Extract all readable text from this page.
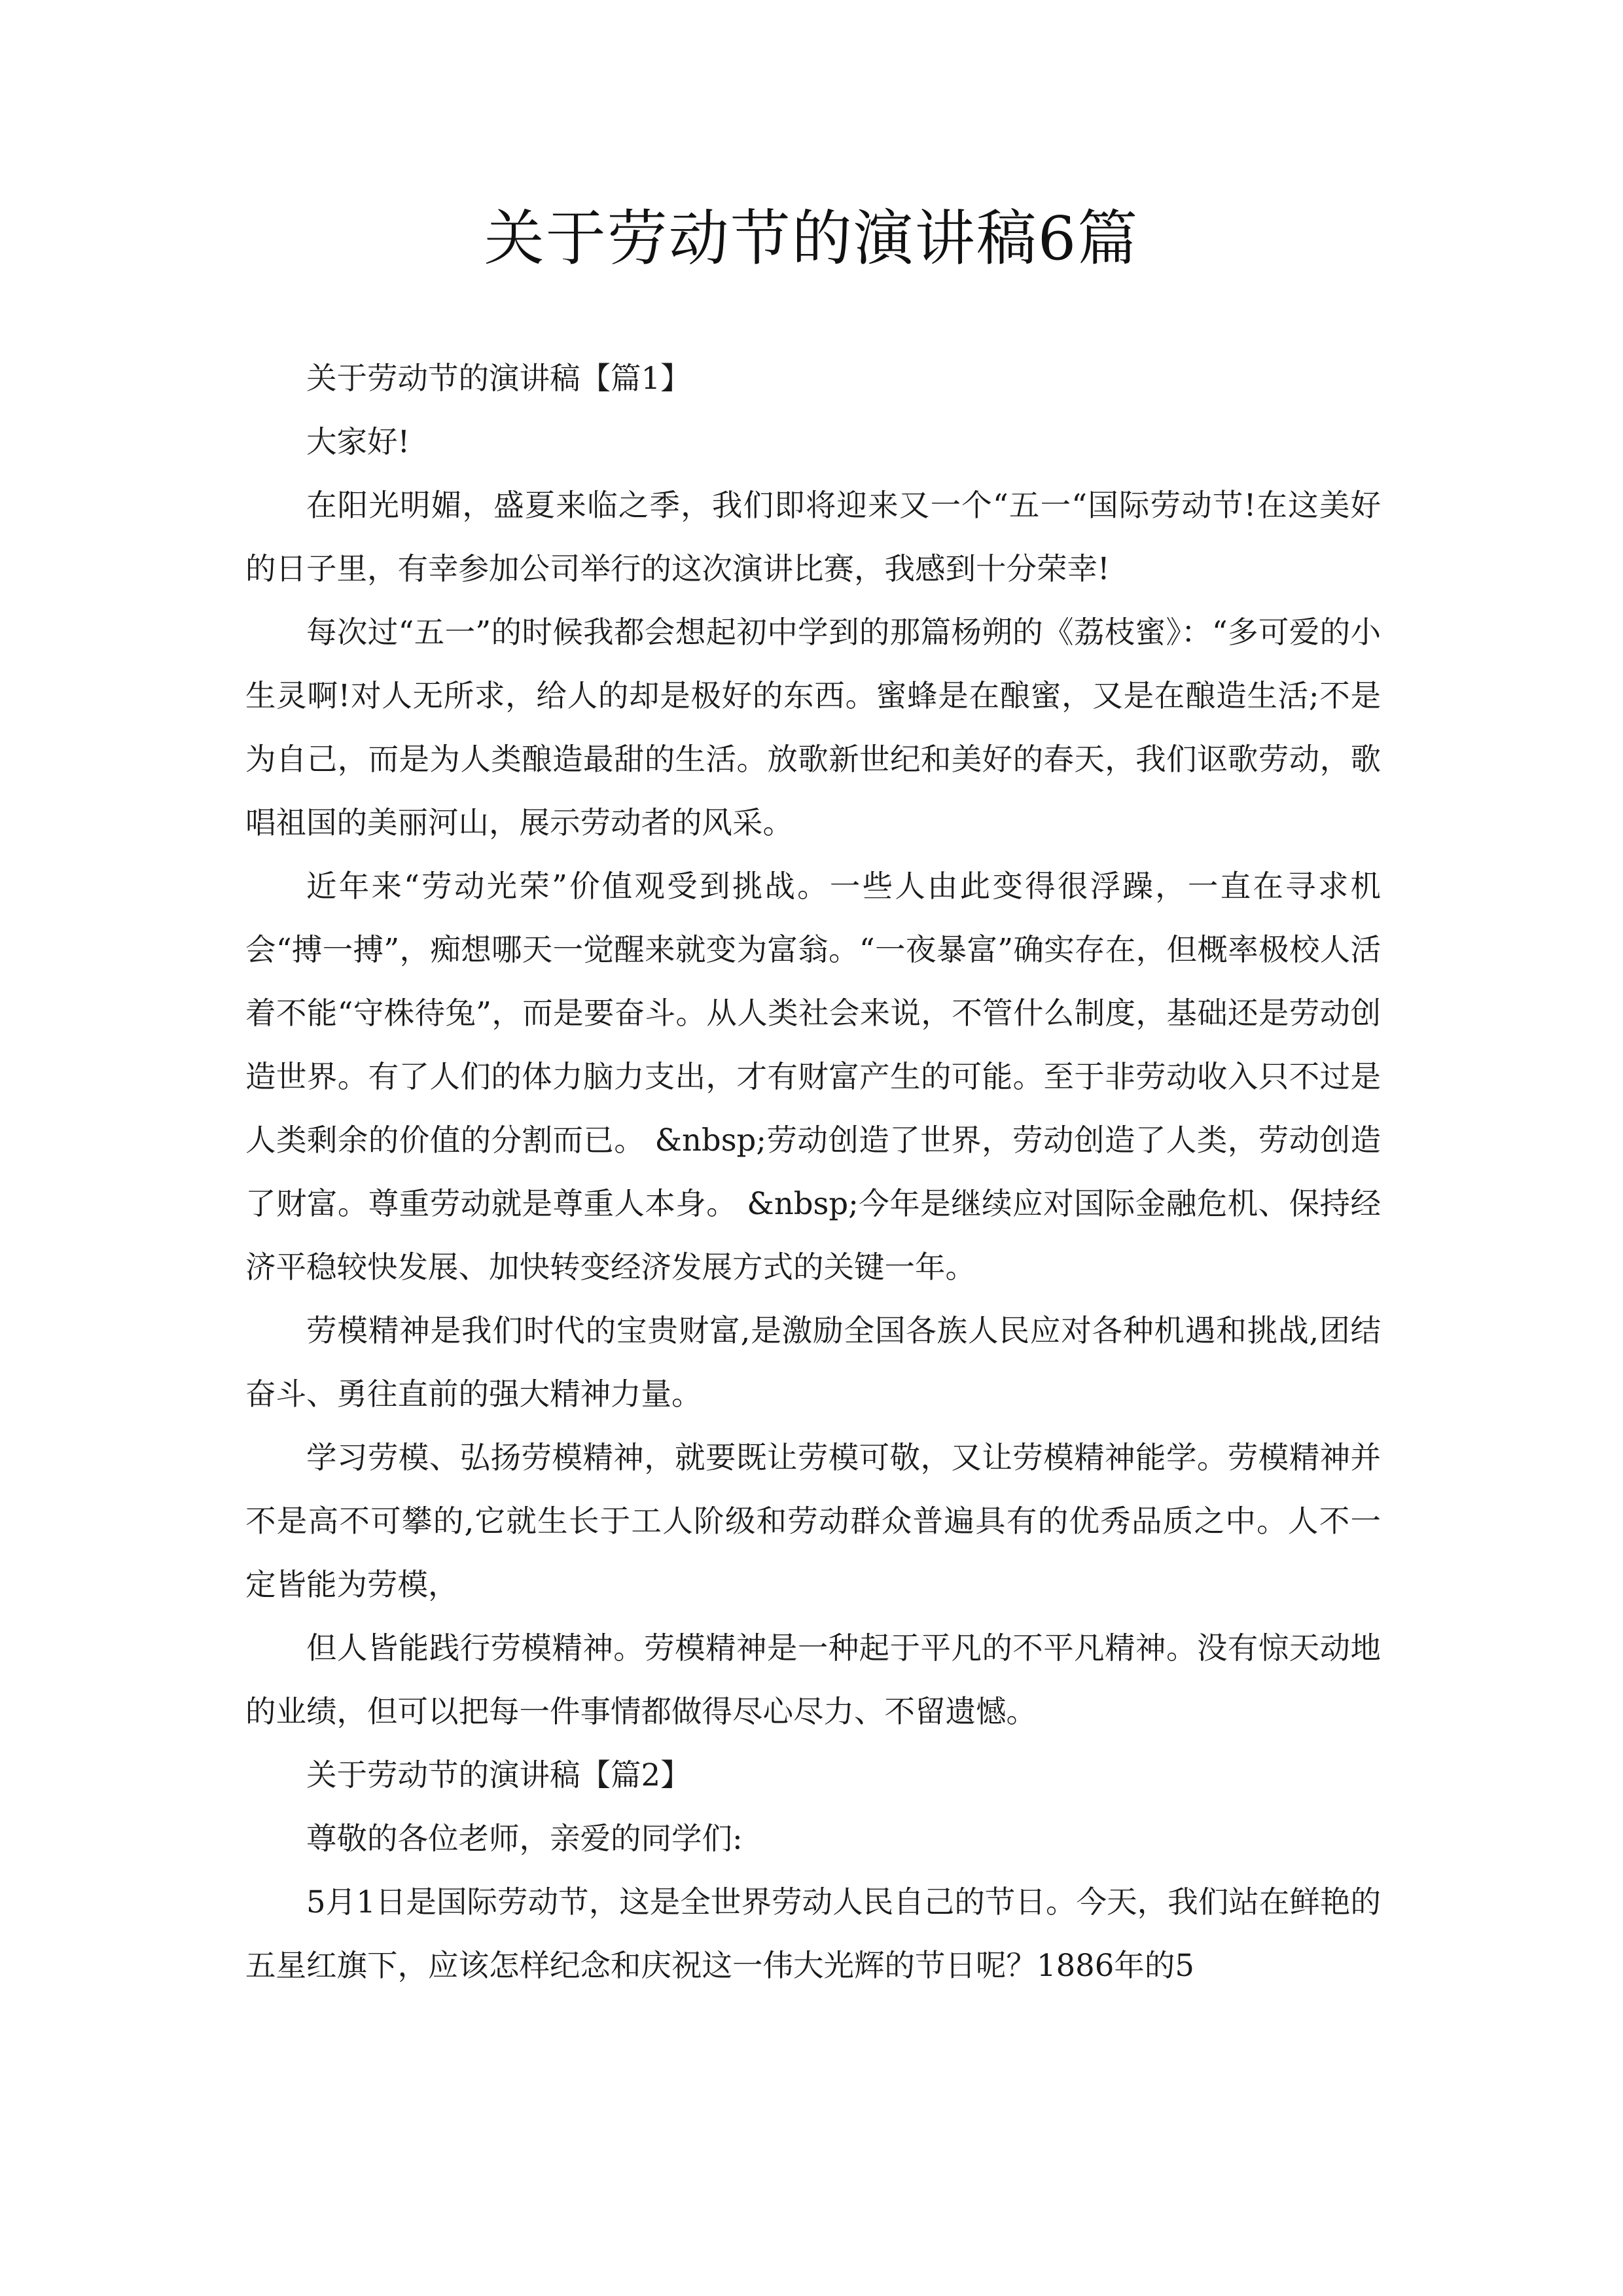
关于劳动节的演讲稿6篇

关于劳动节的演讲稿【篇1】

大家好!

在阳光明媚，盛夏来临之季，我们即将迎来又一个“五一“国际劳动节!在这美好的日子里，有幸参加公司举行的这次演讲比赛，我感到十分荣幸!

每次过“五一”的时候我都会想起初中学到的那篇杨朔的《荔枝蜜》：“多可爱的小生灵啊!对人无所求，给人的却是极好的东西。蜜蜂是在酿蜜，又是在酿造生活;不是为自己，而是为人类酿造最甜的生活。放歌新世纪和美好的春天，我们讴歌劳动，歌唱祖国的美丽河山，展示劳动者的风采。

近年来“劳动光荣”价值观受到挑战。一些人由此变得很浮躁，一直在寻求机会“搏一搏”，痴想哪天一觉醒来就变为富翁。“一夜暴富”确实存在，但概率极校人活着不能“守株待兔”，而是要奋斗。从人类社会来说，不管什么制度，基础还是劳动创造世界。有了人们的体力脑力支出，才有财富产生的可能。至于非劳动收入只不过是人类剩余的价值的分割而已。 &nbsp;劳动创造了世界，劳动创造了人类，劳动创造了财富。尊重劳动就是尊重人本身。 &nbsp;今年是继续应对国际金融危机、保持经济平稳较快发展、加快转变经济发展方式的关键一年。

劳模精神是我们时代的宝贵财富,是激励全国各族人民应对各种机遇和挑战,团结奋斗、勇往直前的强大精神力量。

学习劳模、弘扬劳模精神，就要既让劳模可敬，又让劳模精神能学。劳模精神并不是高不可攀的,它就生长于工人阶级和劳动群众普遍具有的优秀品质之中。人不一定皆能为劳模，

但人皆能践行劳模精神。劳模精神是一种起于平凡的不平凡精神。没有惊天动地的业绩，但可以把每一件事情都做得尽心尽力、不留遗憾。

关于劳动节的演讲稿【篇2】

尊敬的各位老师，亲爱的同学们:

5月1日是国际劳动节，这是全世界劳动人民自己的节日。今天，我们站在鲜艳的五星红旗下，应该怎样纪念和庆祝这一伟大光辉的节日呢？1886年的5
